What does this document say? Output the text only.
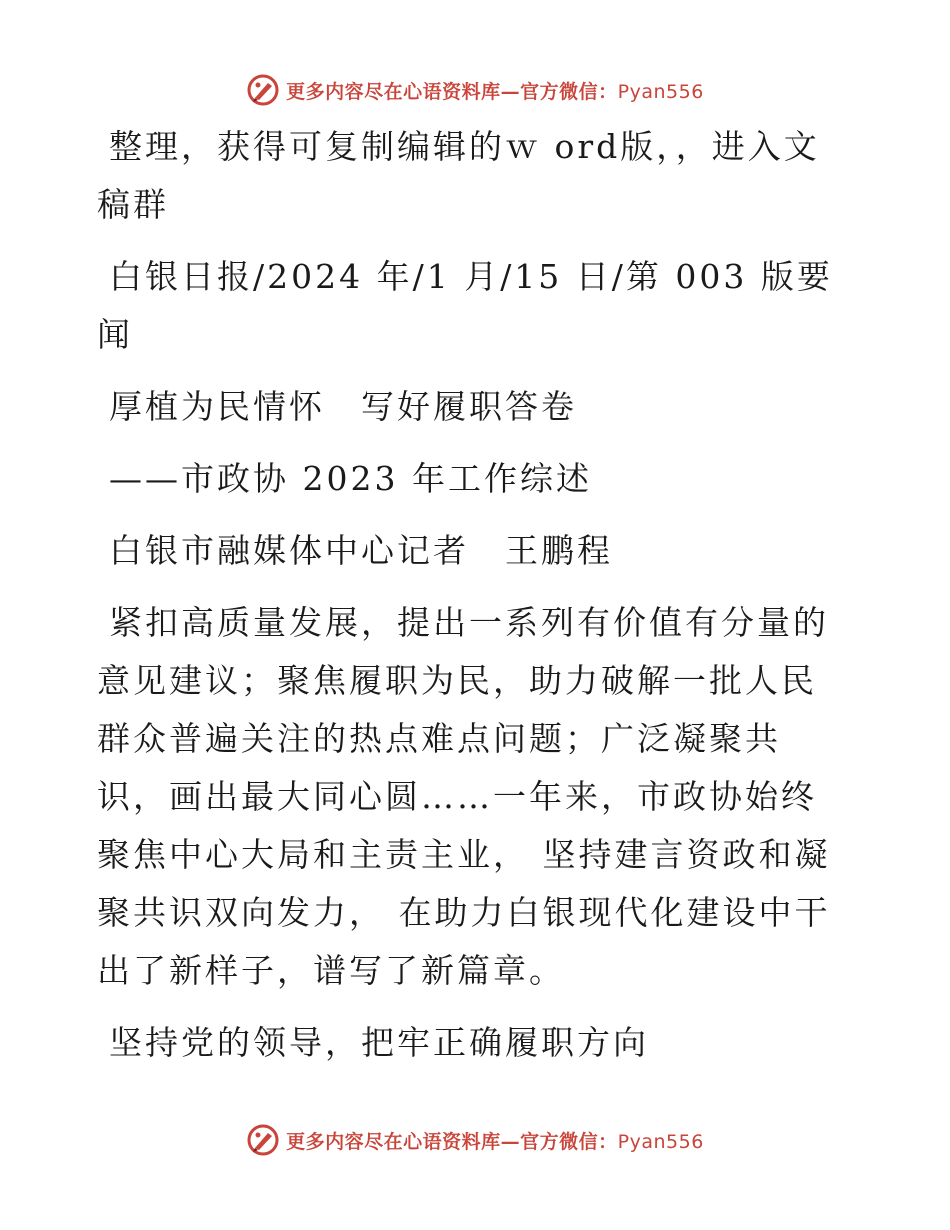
更多内容尽在心语资料库—官方微信：Pyan556

整理，获得可复制编辑的ｗ ord版，，进入文稿群

白银日报/2024 年/1 月/15 日/第 003 版要闻

厚植为民情怀　写好履职答卷

——市政协 2023 年工作综述

白银市融媒体中心记者　王鹏程

紧扣高质量发展，提出一系列有价值有分量的意见建议；聚焦履职为民，助力破解一批人民群众普遍关注的热点难点问题；广泛凝聚共识，画出最大同心圆……一年来，市政协始终聚焦中心大局和主责主业， 坚持建言资政和凝聚共识双向发力， 在助力白银现代化建设中干出了新样子，谱写了新篇章。

坚持党的领导，把牢正确履职方向

更多内容尽在心语资料库—官方微信：Pyan556
